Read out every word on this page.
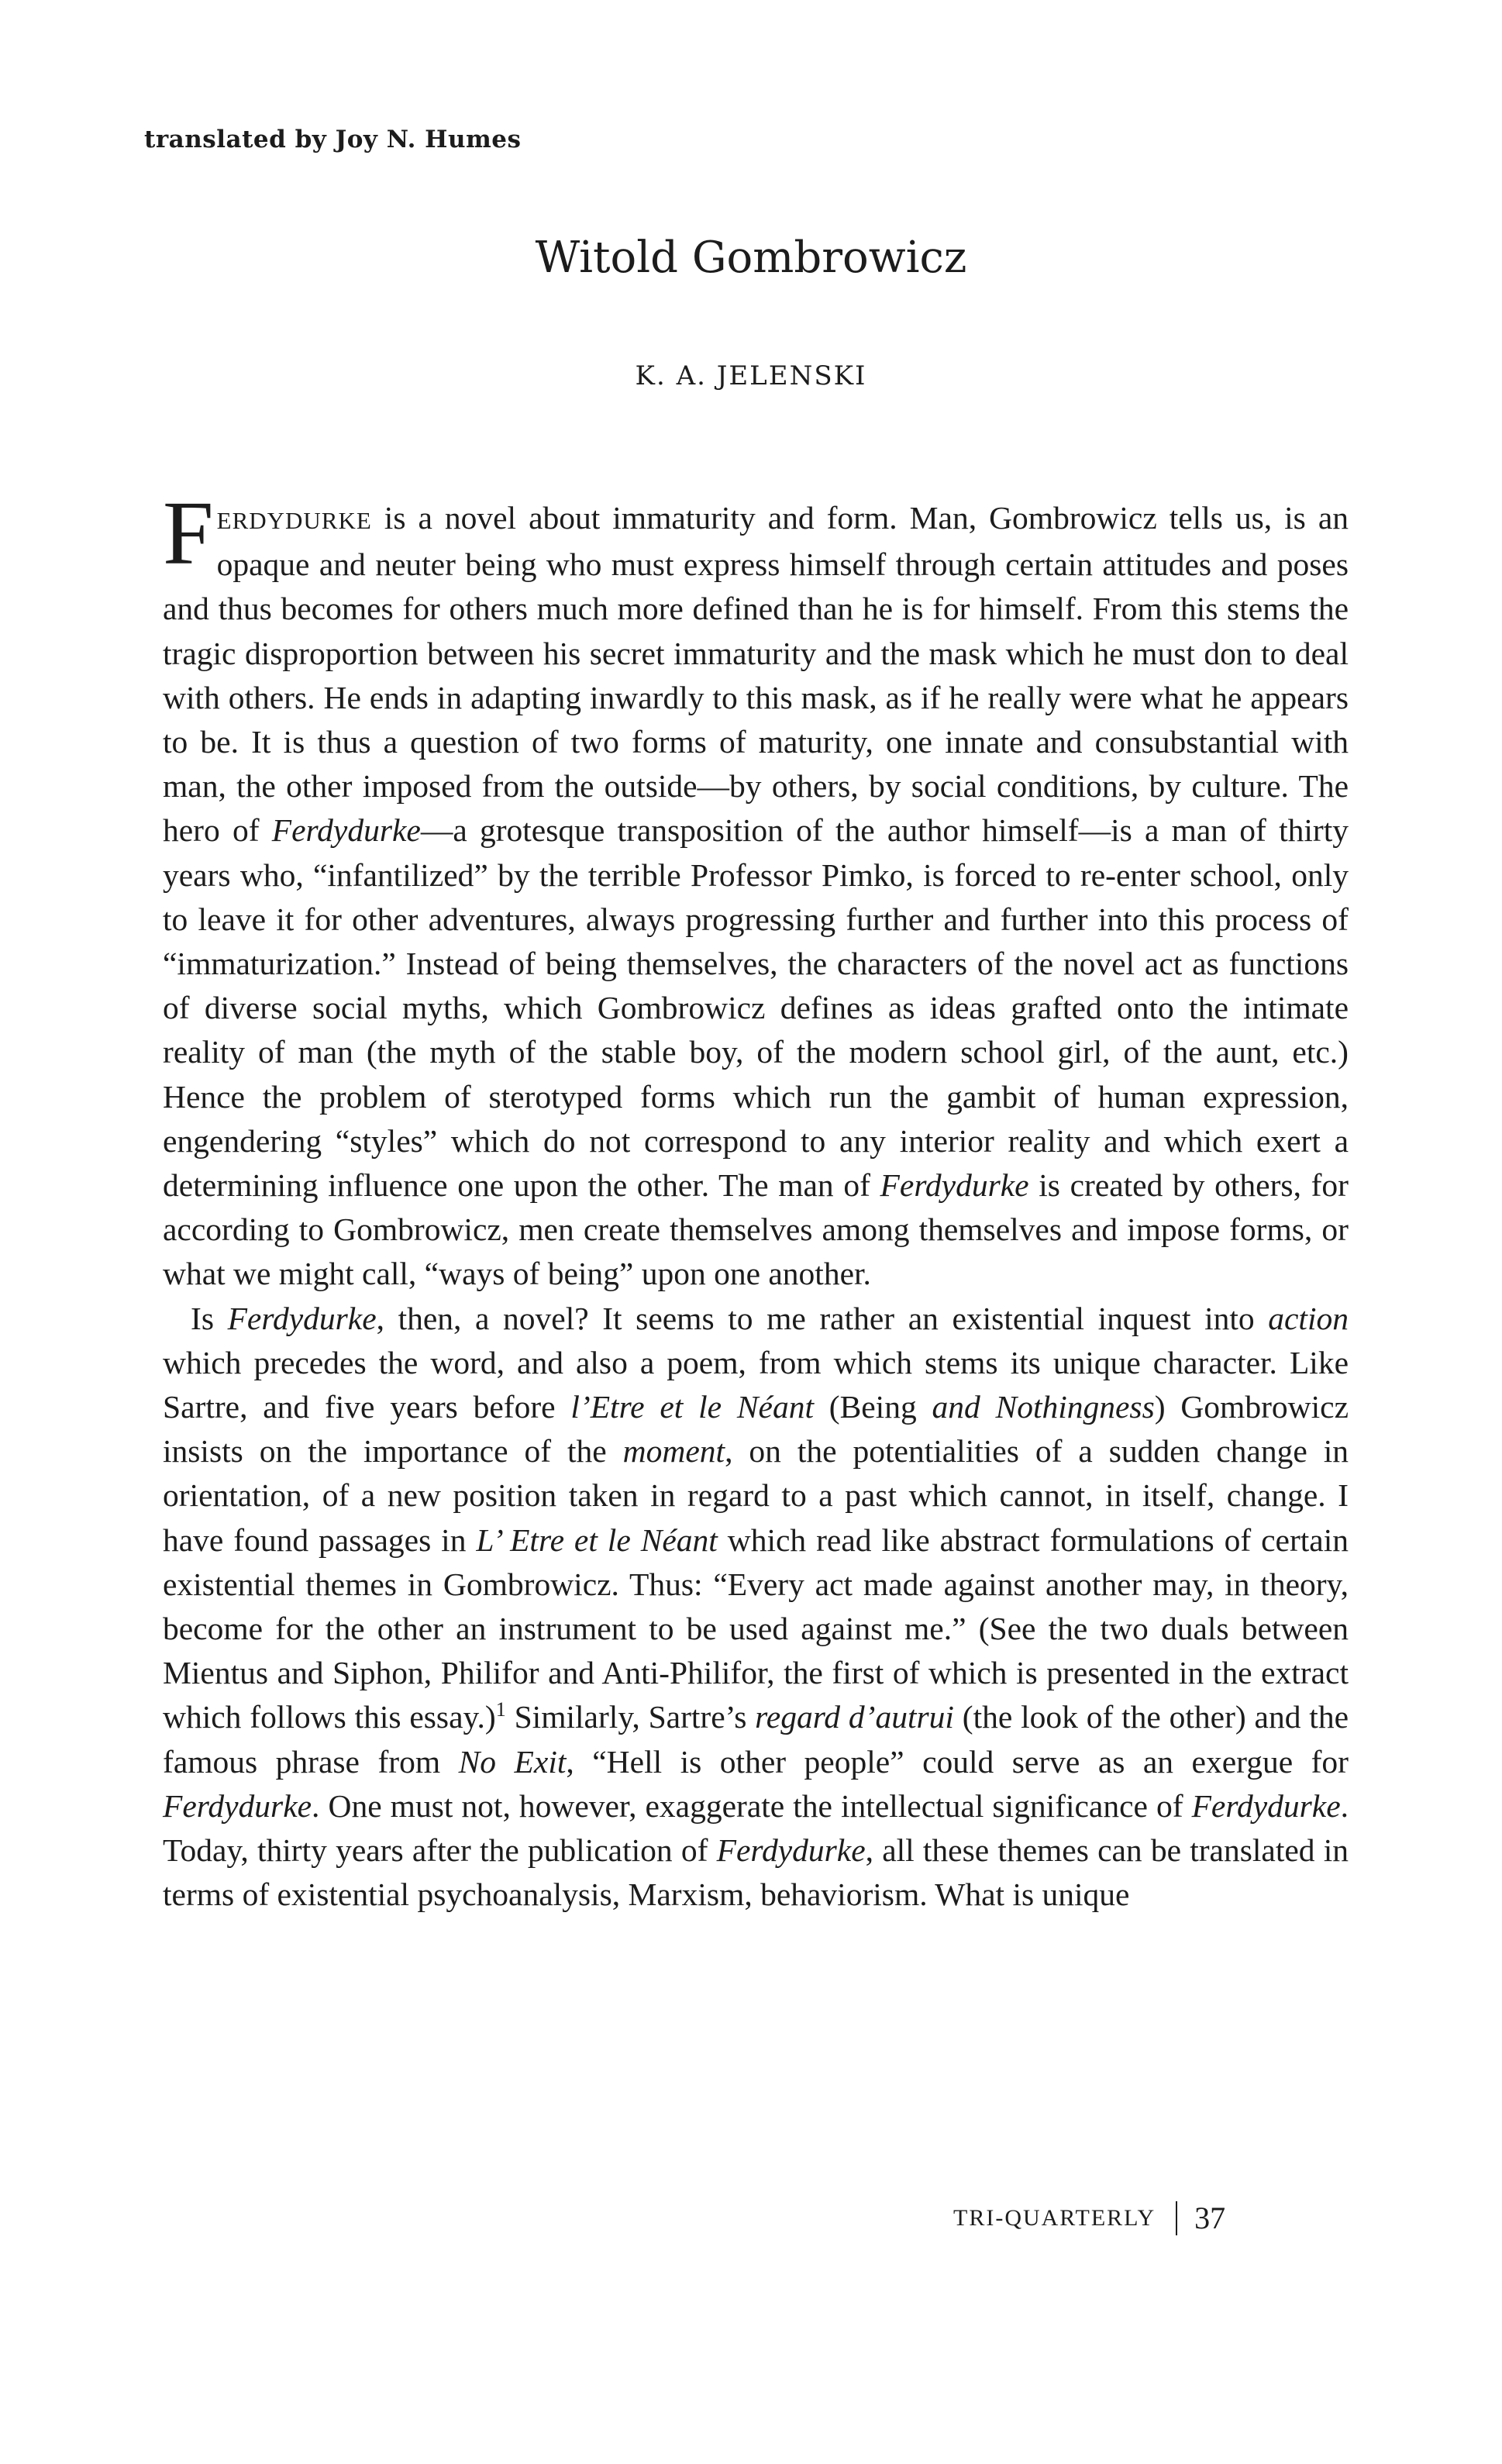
translated by Joy N. Humes
Witold Gombrowicz
K. A. JELENSKI

FERDYDURKE is a novel about immaturity and form. Man, Gombrowicz tells us, is an opaque and neuter being who must express himself through certain attitudes and poses and thus becomes for others much more defined than he is for himself. From this stems the tragic disproportion between his secret immaturity and the mask which he must don to deal with others. He ends in adapting inwardly to this mask, as if he really were what he appears to be. It is thus a question of two forms of maturity, one innate and consubstantial with man, the other imposed from the outside—by others, by social conditions, by culture. The hero of Ferdydurke—a grotesque transposition of the author himself—is a man of thirty years who, “infantilized” by the terrible Professor Pimko, is forced to re-enter school, only to leave it for other adventures, always progressing further and further into this process of “immaturization.” Instead of being themselves, the characters of the novel act as functions of diverse social myths, which Gombrowicz defines as ideas grafted onto the intimate reality of man (the myth of the stable boy, of the modern school girl, of the aunt, etc.) Hence the problem of sterotyped forms which run the gambit of human expression, engendering “styles” which do not correspond to any interior reality and which exert a determining influence one upon the other. The man of Ferdydurke is created by others, for according to Gombrowicz, men create themselves among themselves and impose forms, or what we might call, “ways of being” upon one another.

Is Ferdydurke, then, a novel? It seems to me rather an existential inquest into action which precedes the word, and also a poem, from which stems its unique character. Like Sartre, and five years before l’Etre et le Néant (Being and Nothingness) Gombrowicz insists on the importance of the moment, on the potentialities of a sudden change in orientation, of a new position taken in regard to a past which cannot, in itself, change. I have found passages in L’ Etre et le Néant which read like abstract formulations of certain existential themes in Gombrowicz. Thus: “Every act made against another may, in theory, become for the other an instrument to be used against me.” (See the two duals between Mientus and Siphon, Philifor and Anti-Philifor, the first of which is presented in the extract which follows this essay.)$^1$ Similarly, Sartre’s regard d’autrui (the look of the other) and the famous phrase from No Exit, “Hell is other people” could serve as an exergue for Ferdydurke. One must not, however, exaggerate the intellectual significance of Ferdydurke. Today, thirty years after the publication of Ferdydurke, all these themes can be translated in terms of existential psychoanalysis, Marxism, behaviorism. What is unique

TRI-QUARTERLY 37
